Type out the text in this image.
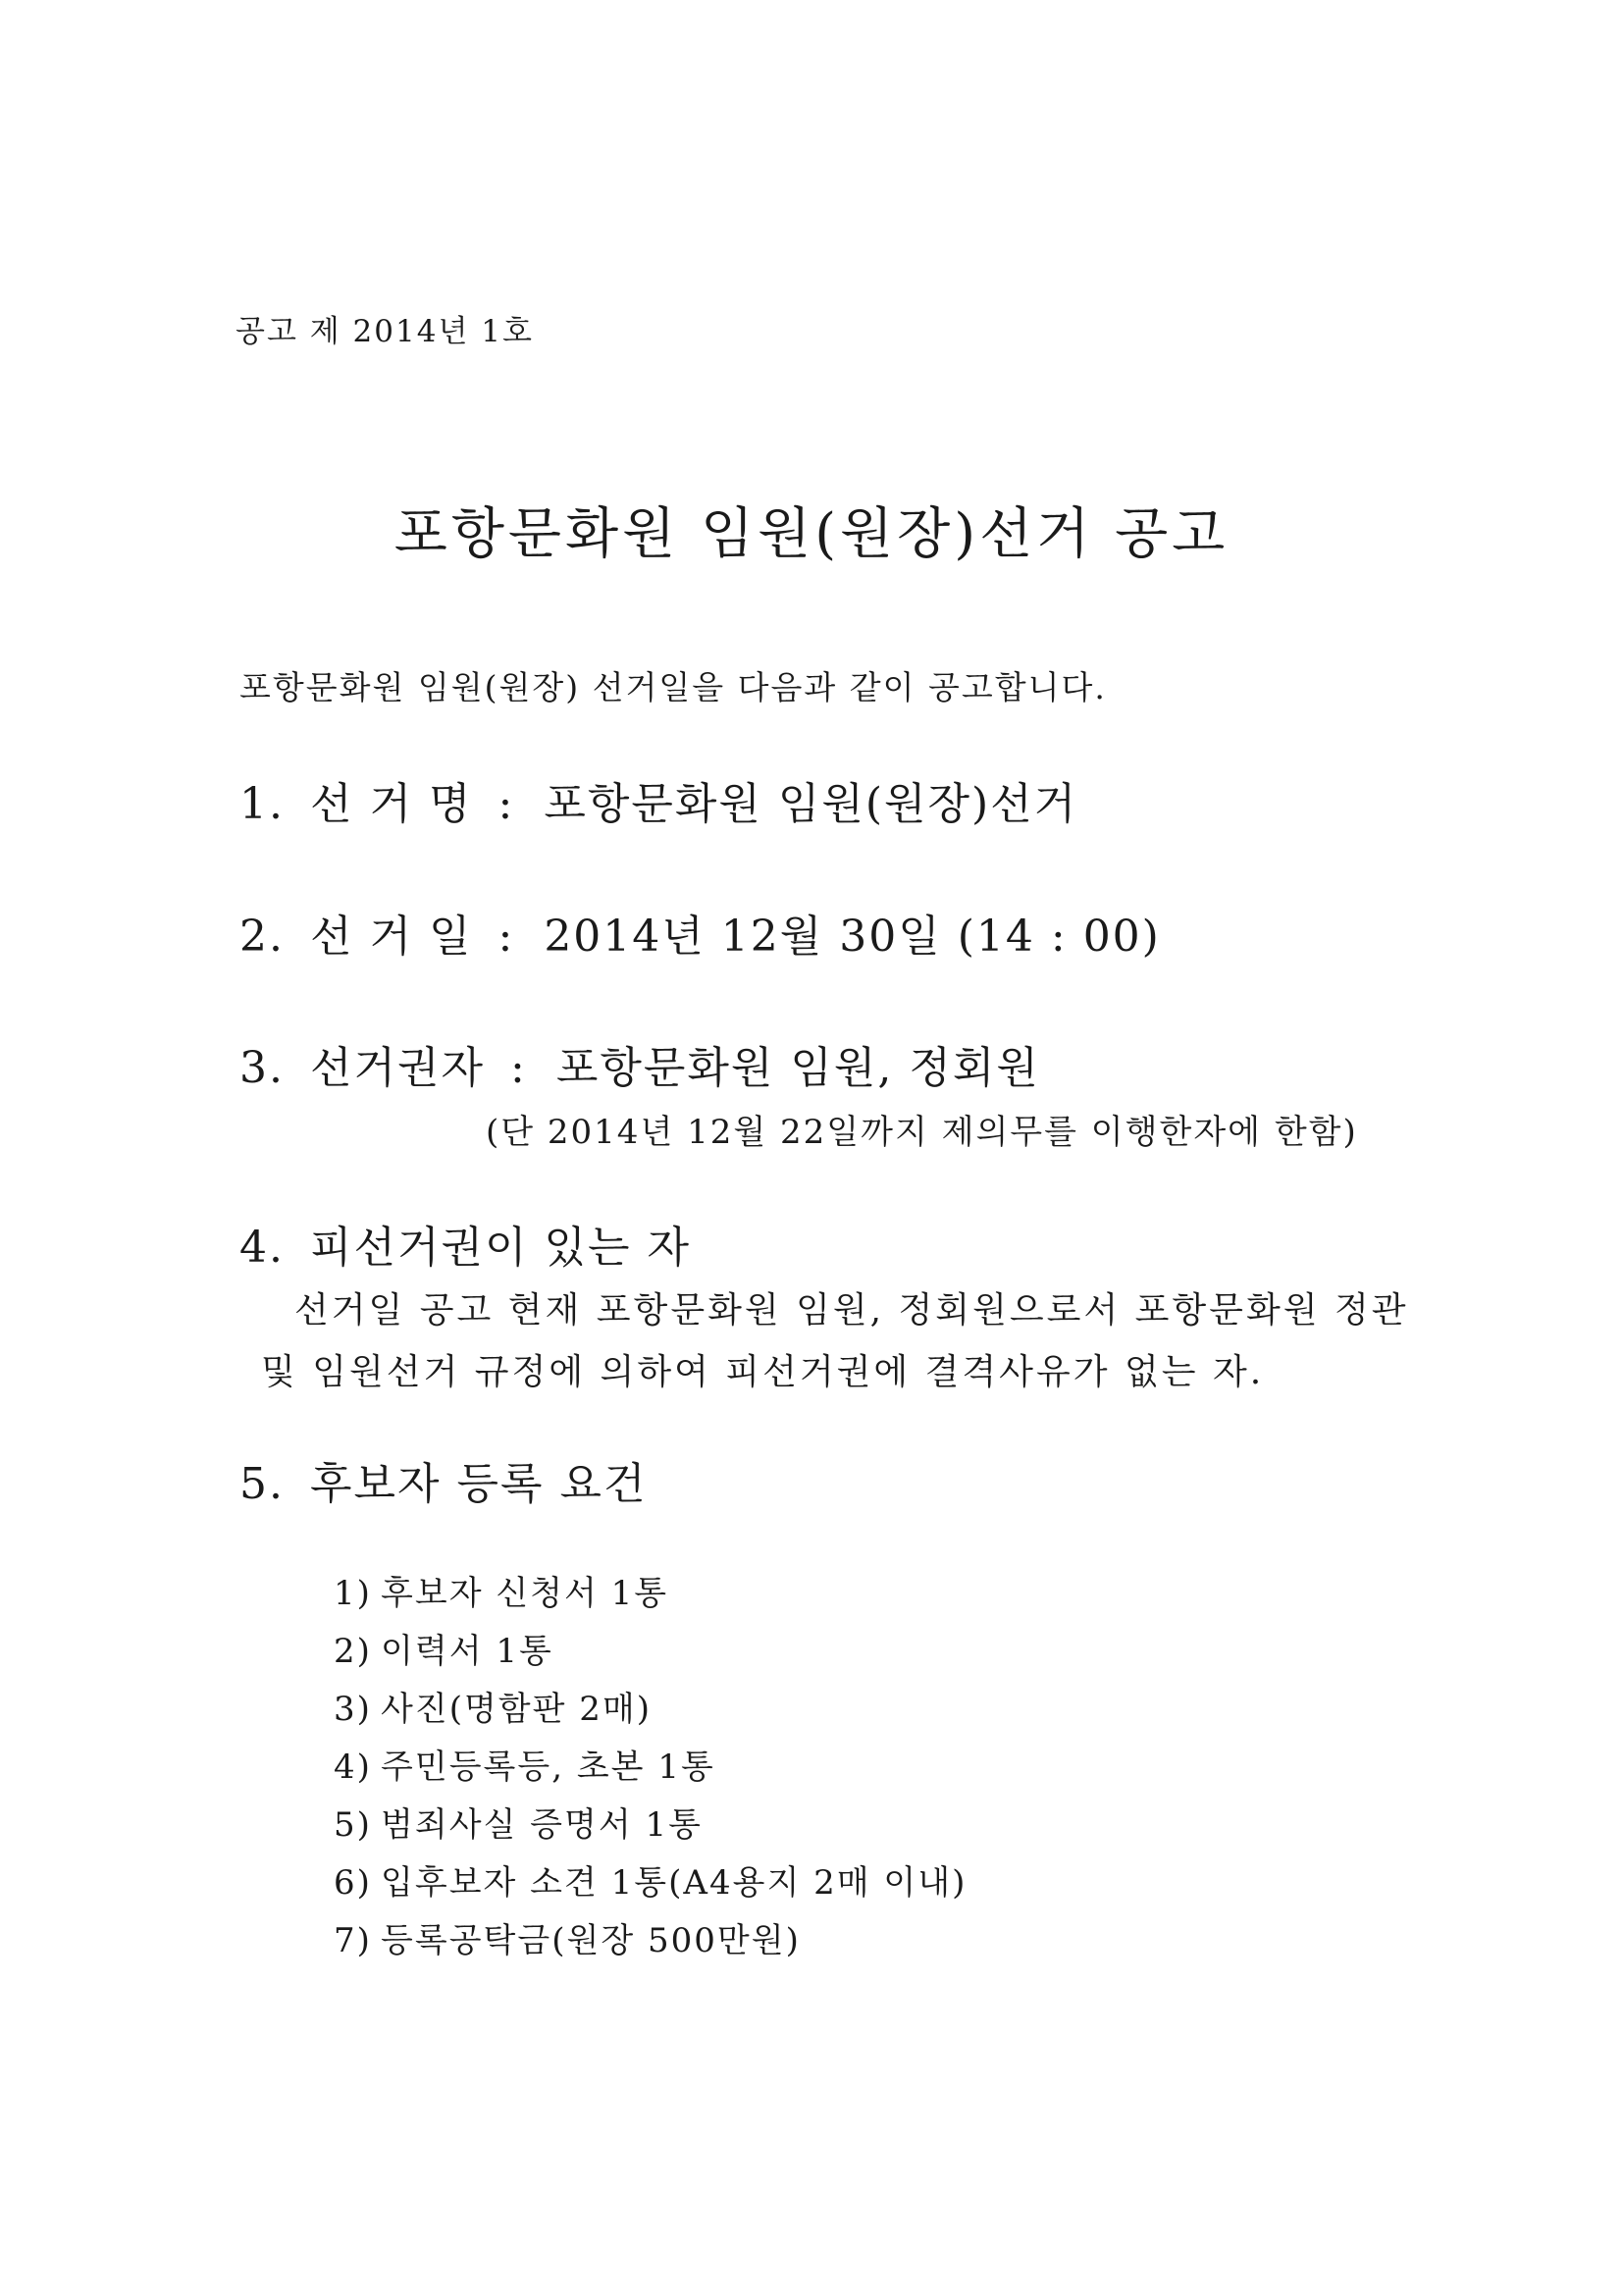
공고 제 2014년 1호
포항문화원 임원(원장)선거 공고
포항문화원 임원(원장) 선거일을 다음과 같이 공고합니다.
1. 선 거 명 : 포항문화원 임원(원장)선거
2. 선 거 일 : 2014년 12월 30일 (14 : 00)
3. 선거권자 : 포항문화원 임원, 정회원
(단 2014년 12월 22일까지 제의무를 이행한자에 한함)
4. 피선거권이 있는 자
선거일 공고 현재 포항문화원 임원, 정회원으로서 포항문화원 정관
및 임원선거 규정에 의하여 피선거권에 결격사유가 없는 자.
5. 후보자 등록 요건
1) 후보자 신청서 1통
2) 이력서 1통
3) 사진(명함판 2매)
4) 주민등록등, 초본 1통
5) 범죄사실 증명서 1통
6) 입후보자 소견 1통(A4용지 2매 이내)
7) 등록공탁금(원장 500만원)
